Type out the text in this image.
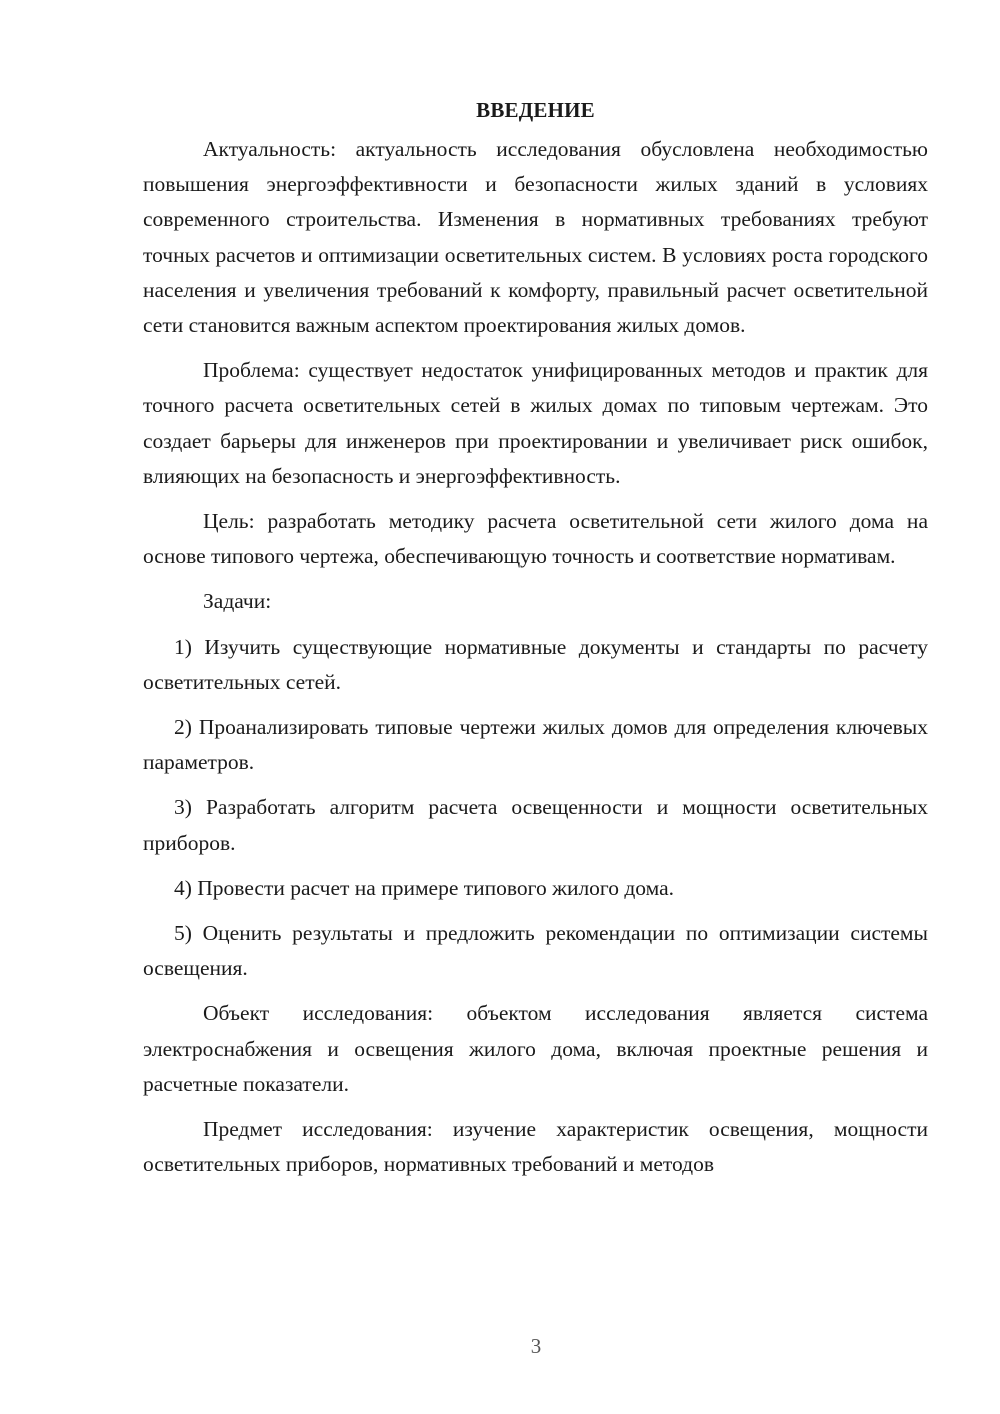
ВВЕДЕНИЕ

Актуальность: актуальность исследования обусловлена необходимостью повышения энергоэффективности и безопасности жилых зданий в условиях современного строительства. Изменения в нормативных требованиях требуют точных расчетов и оптимизации осветительных систем. В условиях роста городского населения и увеличения требований к комфорту, правильный расчет осветительной сети становится важным аспектом проектирования жилых домов.

Проблема: существует недостаток унифицированных методов и практик для точного расчета осветительных сетей в жилых домах по типовым чертежам. Это создает барьеры для инженеров при проектировании и увеличивает риск ошибок, влияющих на безопасность и энергоэффективность.

Цель: разработать методику расчета осветительной сети жилого дома на основе типового чертежа, обеспечивающую точность и соответствие нормативам.

Задачи:

1) Изучить существующие нормативные документы и стандарты по расчету осветительных сетей.

2) Проанализировать типовые чертежи жилых домов для определения ключевых параметров.

3) Разработать алгоритм расчета освещенности и мощности осветительных приборов.

4) Провести расчет на примере типового жилого дома.

5) Оценить результаты и предложить рекомендации по оптимизации системы освещения.

Объект исследования: объектом исследования является система электроснабжения и освещения жилого дома, включая проектные решения и расчетные показатели.

Предмет исследования: изучение характеристик освещения, мощности осветительных приборов, нормативных требований и методов

3
